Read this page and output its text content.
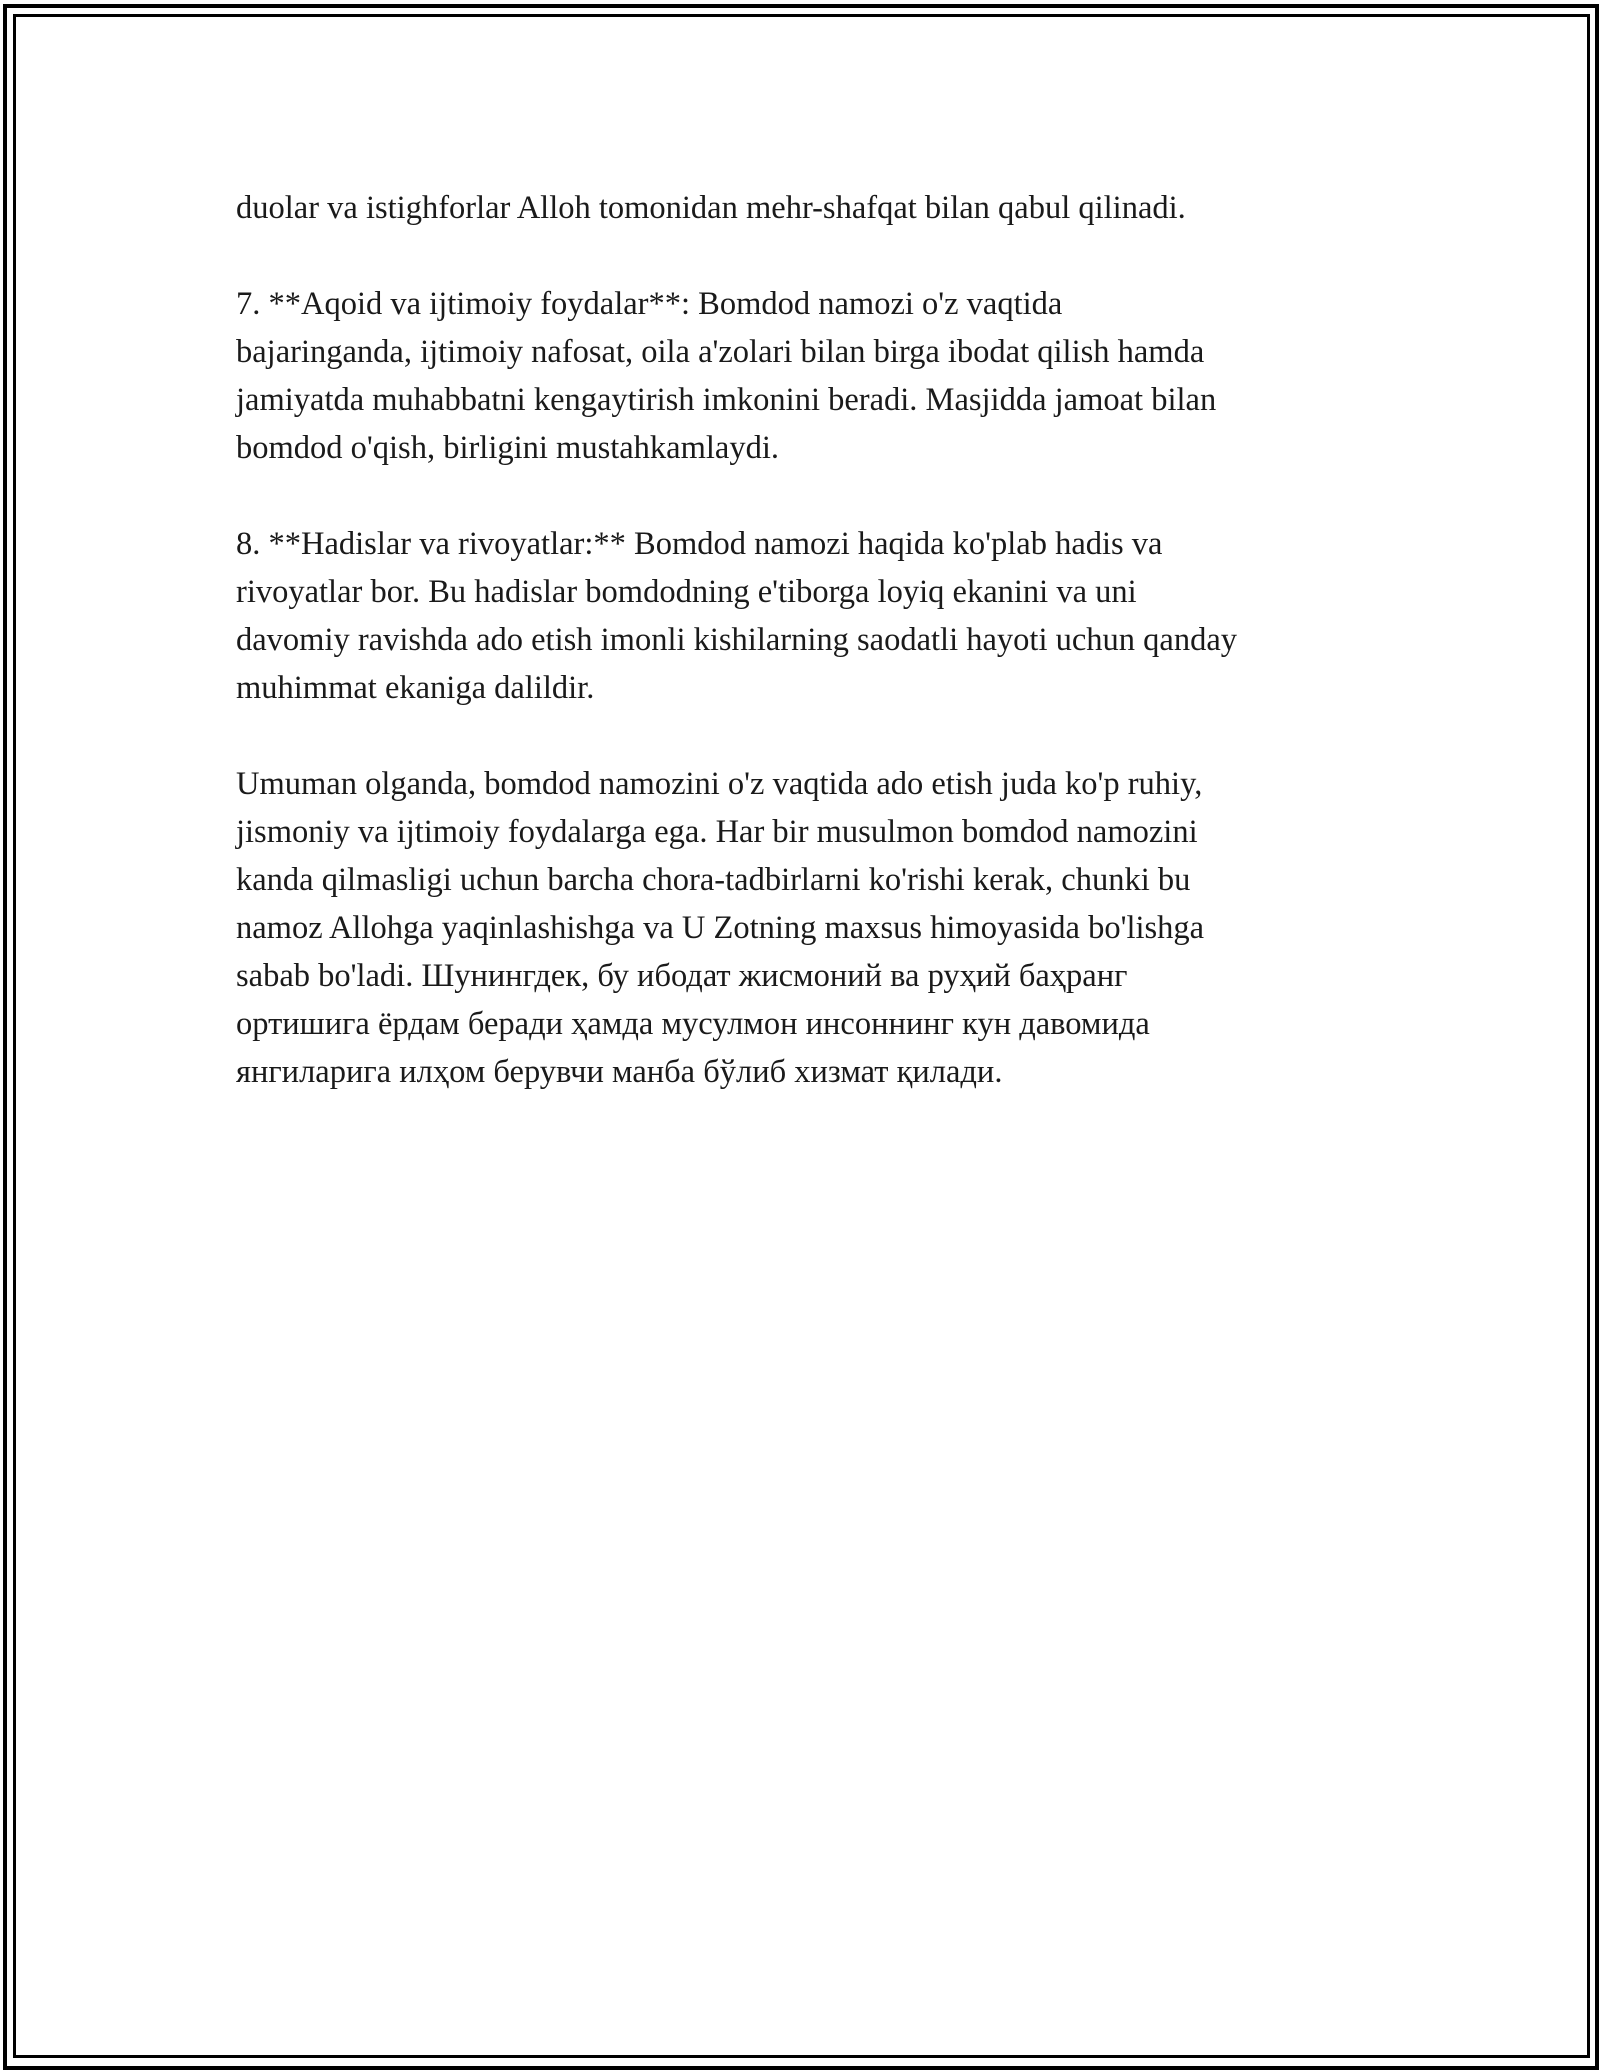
duolar va istighforlar Alloh tomonidan mehr-shafqat bilan qabul qilinadi.
7. **Aqoid va ijtimoiy foydalar**: Bomdod namozi o'z vaqtida
bajaringanda, ijtimoiy nafosat, oila a'zolari bilan birga ibodat qilish hamda
jamiyatda muhabbatni kengaytirish imkonini beradi. Masjidda jamoat bilan
bomdod o'qish, birligini mustahkamlaydi.
8. **Hadislar va rivoyatlar:** Bomdod namozi haqida ko'plab hadis va
rivoyatlar bor. Bu hadislar bomdodning e'tiborga loyiq ekanini va uni
davomiy ravishda ado etish imonli kishilarning saodatli hayoti uchun qanday
muhimmat ekaniga dalildir.
Umuman olganda, bomdod namozini o'z vaqtida ado etish juda ko'p ruhiy,
jismoniy va ijtimoiy foydalarga ega. Har bir musulmon bomdod namozini
kanda qilmasligi uchun barcha chora-tadbirlarni ko'rishi kerak, chunki bu
namoz Allohga yaqinlashishga va U Zotning maxsus himoyasida bo'lishga
sabab bo'ladi. Шунингдек, бу ибодат жисмоний ва руҳий баҳранг
ортишига ёрдам беради ҳамда мусулмон инсоннинг кун давомида
янгиларига илҳом берувчи манба бўлиб хизмат қилади.
